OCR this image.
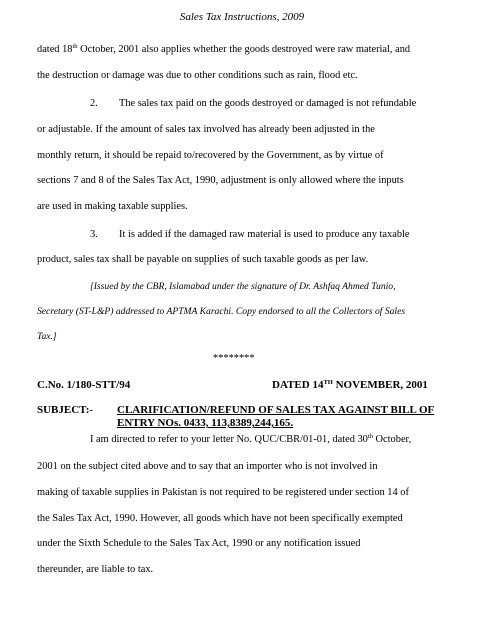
Sales Tax Instructions, 2009
dated 18th October, 2001 also applies whether the goods destroyed were raw material, and
the destruction or damage was due to other conditions such as rain, flood etc.
2. The sales tax paid on the goods destroyed or damaged is not refundable
or adjustable. If the amount of sales tax involved has already been adjusted in the
monthly return, it should be repaid to/recovered by the Government, as by virtue of
sections 7 and 8 of the Sales Tax Act, 1990, adjustment is only allowed where the inputs
are used in making taxable supplies.
3. It is added if the damaged raw material is used to produce any taxable
product, sales tax shall be payable on supplies of such taxable goods as per law.
[Issued by the CBR, Islamabad under the signature of Dr. Ashfaq Ahmed Tunio,
Secretary (ST-L&P) addressed to APTMA Karachi. Copy endorsed to all the Collectors of Sales
Tax.]
********
C.No. 1/180-STT/94	DATED 14TH NOVEMBER, 2001
SUBJECT:- CLARIFICATION/REFUND OF SALES TAX AGAINST BILL OF
ENTRY NOs. 0433, 113,8389,244,165.
I am directed to refer to your letter No. QUC/CBR/01-01, dated 30th October,
2001 on the subject cited above and to say that an importer who is not involved in
making of taxable supplies in Pakistan is not required to be registered under section 14 of
the Sales Tax Act, 1990. However, all goods which have not been specifically exempted
under the Sixth Schedule to the Sales Tax Act, 1990 or any notification issued
thereunder, are liable to tax.
